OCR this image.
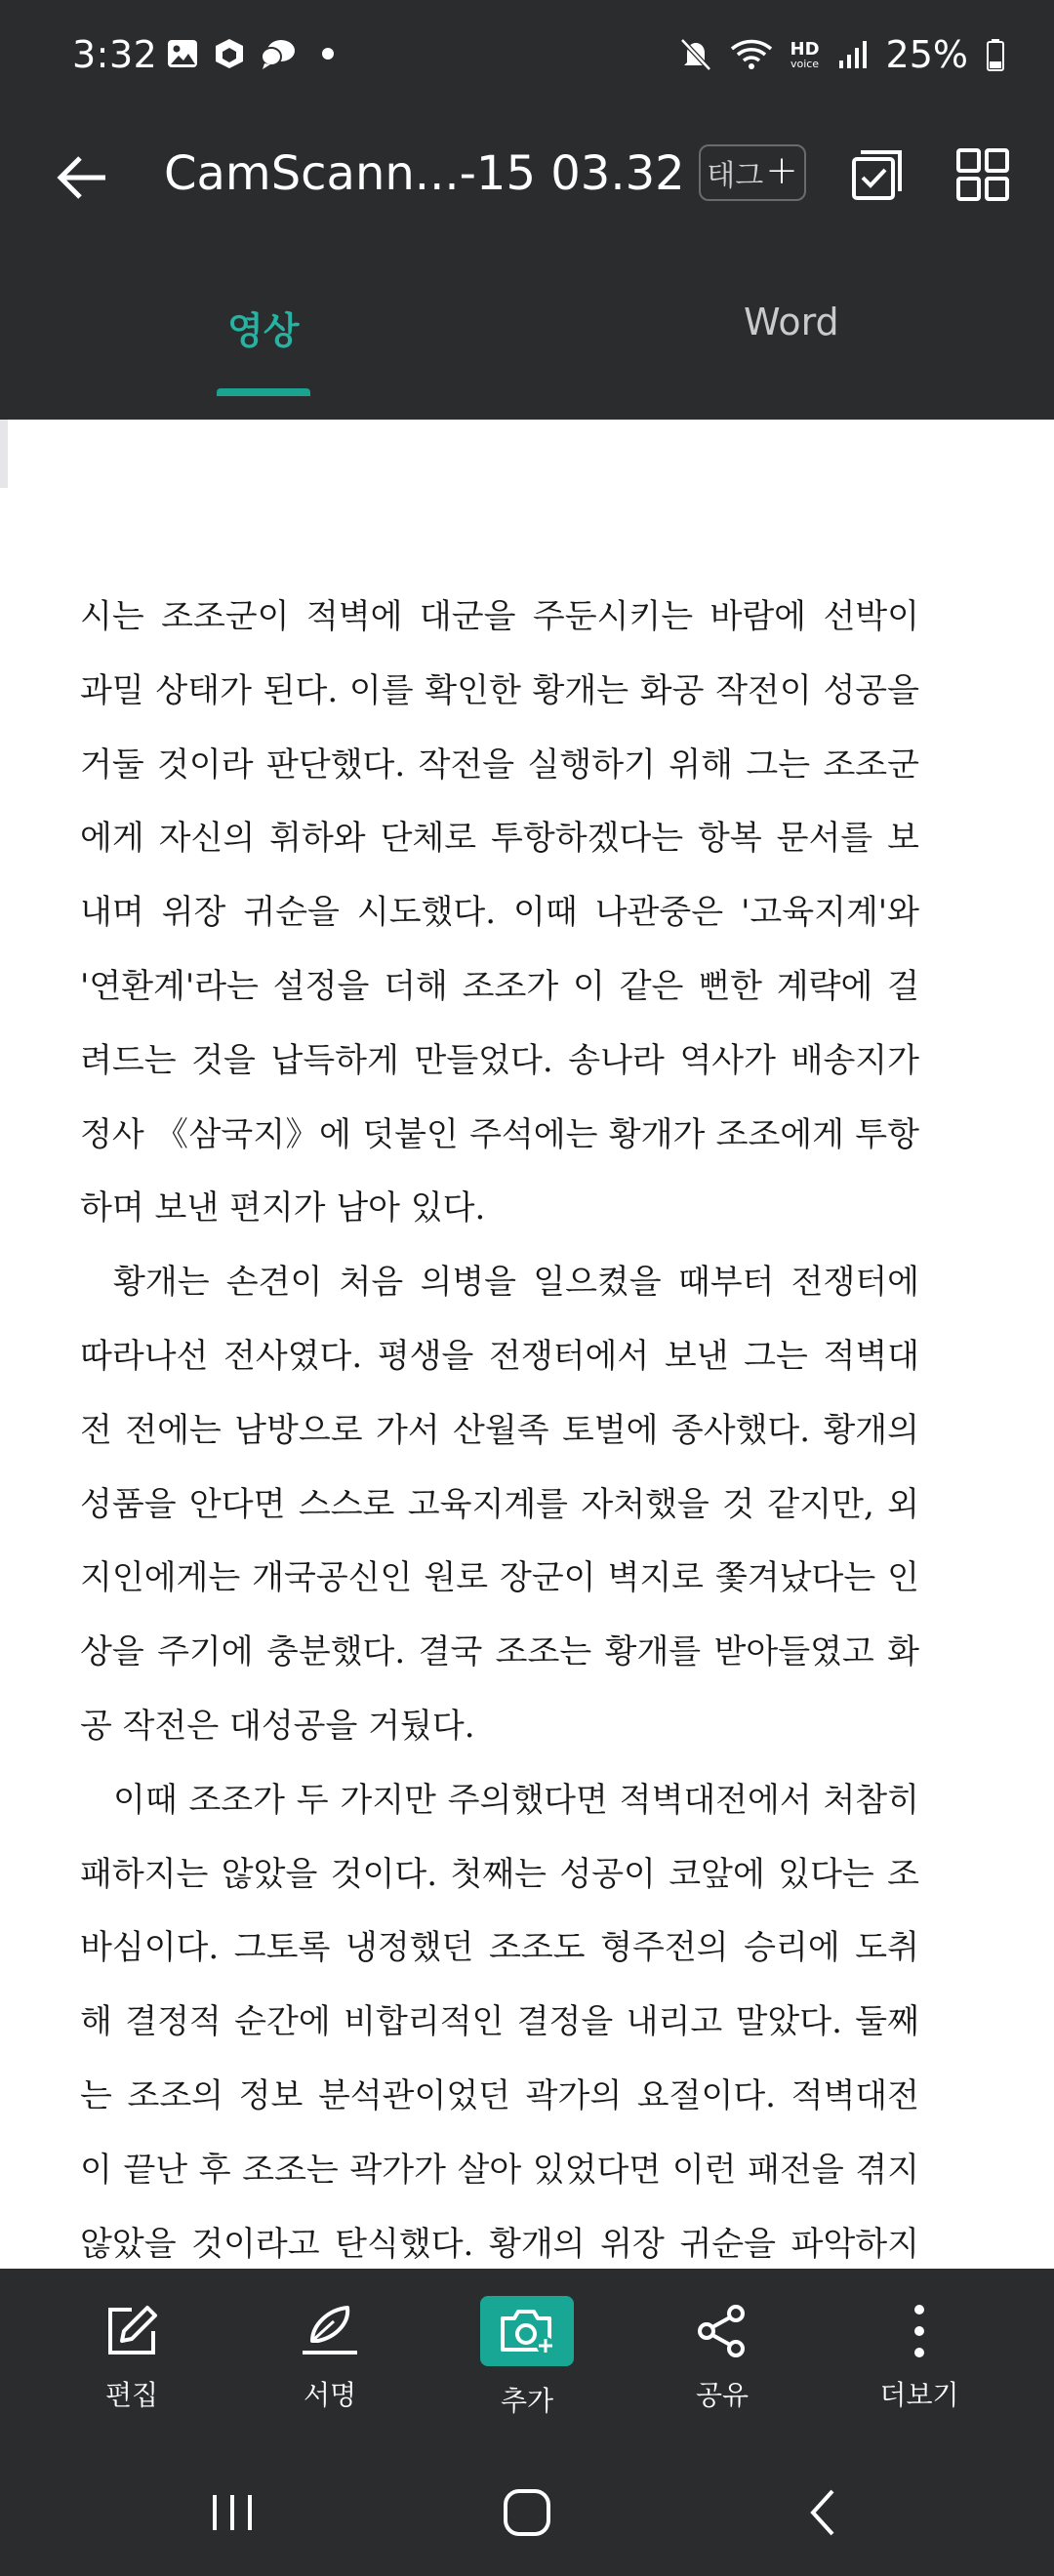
3:32	HD
voice 25%
CamScann...-15 03.32 태그 +
영상	Word

시는 조조군이 적벽에 대군을 주둔시키는 바람에 선박이 과밀 상태가 된다. 이를 확인한 황개는 화공 작전이 성공을 거둘 것이라 판단했다. 작전을 실행하기 위해 그는 조조군에게 자신의 휘하와 단체로 투항하겠다는 항복 문서를 보내며 위장 귀순을 시도했다. 이때 나관중은 '고육지계'와 '연환계'라는 설정을 더해 조조가 이 같은 뻔한 계략에 걸려드는 것을 납득하게 만들었다. 송나라 역사가 배송지가 정사 《삼국지》에 덧붙인 주석에는 황개가 조조에게 투항하며 보낸 편지가 남아 있다.

황개는 손견이 처음 의병을 일으켰을 때부터 전쟁터에 따라나선 전사였다. 평생을 전쟁터에서 보낸 그는 적벽대전 전에는 남방으로 가서 산월족 토벌에 종사했다. 황개의 성품을 안다면 스스로 고육지계를 자처했을 것 같지만, 외지인에게는 개국공신인 원로 장군이 벽지로 쫓겨났다는 인상을 주기에 충분했다. 결국 조조는 황개를 받아들였고 화공 작전은 대성공을 거뒀다.

이때 조조가 두 가지만 주의했다면 적벽대전에서 처참히 패하지는 않았을 것이다. 첫째는 성공이 코앞에 있다는 조바심이다. 그토록 냉정했던 조조도 형주전의 승리에 도취해 결정적 순간에 비합리적인 결정을 내리고 말았다. 둘째는 조조의 정보 분석관이었던 곽가의 요절이다. 적벽대전이 끝난 후 조조는 곽가가 살아 있었다면 이런 패전을 겪지 않았을 것이라고 탄식했다. 황개의 위장 귀순을 파악하지

편집	서명	추가	공유	더보기
